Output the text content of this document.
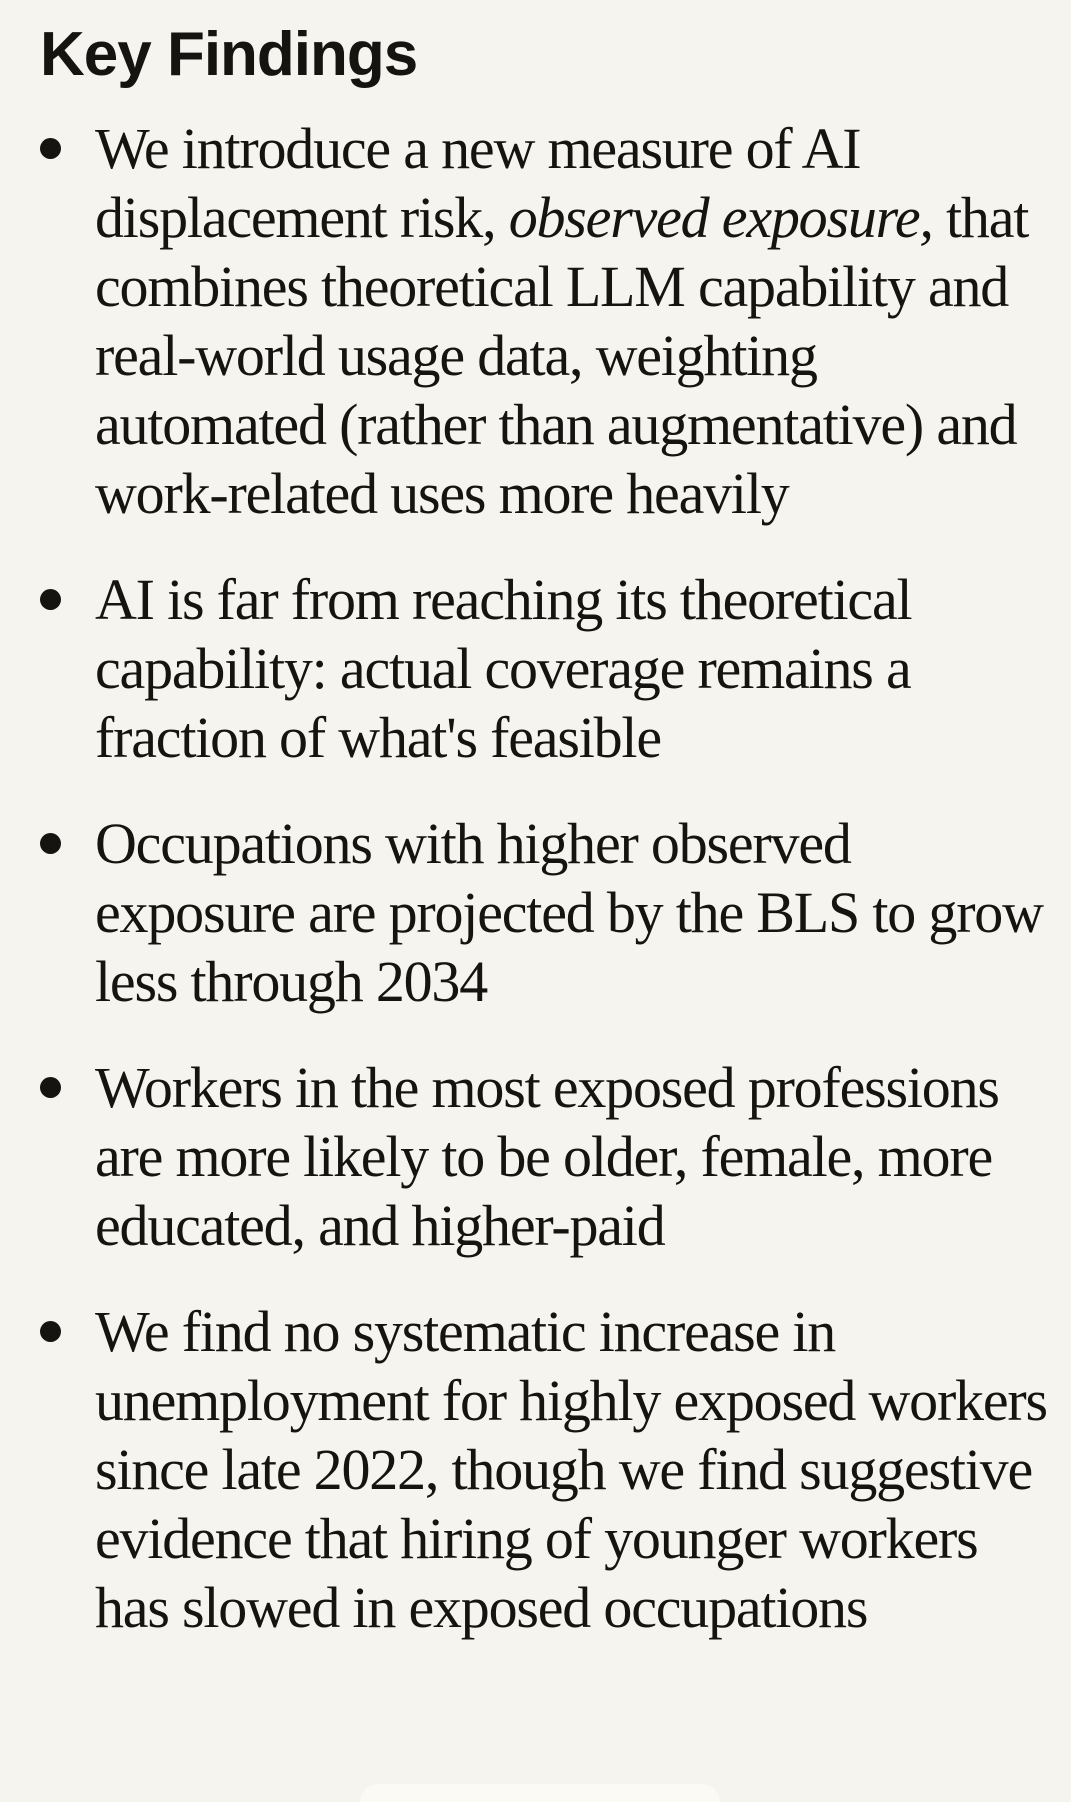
Key Findings
We introduce a new measure of AI displacement risk, observed exposure, that combines theoretical LLM capability and real-world usage data, weighting automated (rather than augmentative) and work-related uses more heavily
AI is far from reaching its theoretical capability: actual coverage remains a fraction of what's feasible
Occupations with higher observed exposure are projected by the BLS to grow less through 2034
Workers in the most exposed professions are more likely to be older, female, more educated, and higher-paid
We find no systematic increase in unemployment for highly exposed workers since late 2022, though we find suggestive evidence that hiring of younger workers has slowed in exposed occupations
